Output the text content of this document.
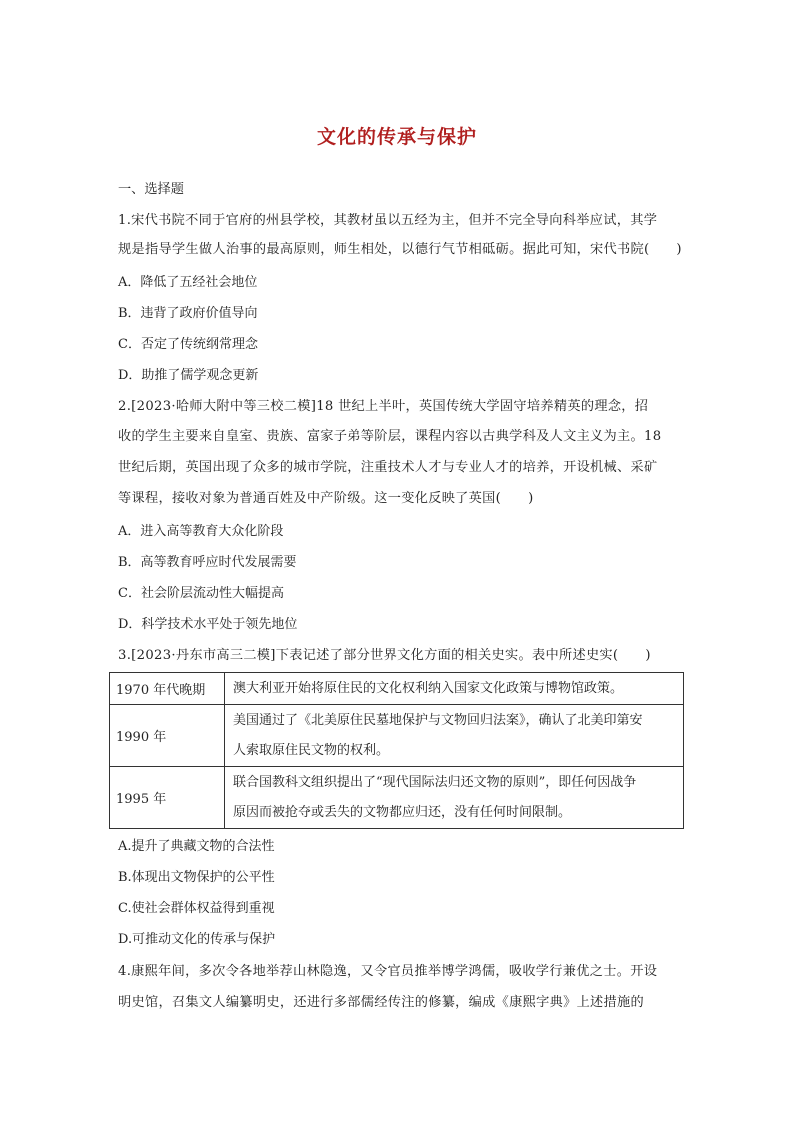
文化的传承与保护
一、选择题
1.宋代书院不同于官府的州县学校，其教材虽以五经为主，但并不完全导向科举应试，其学
规是指导学生做人治事的最高原则，师生相处，以德行气节相砥砺。据此可知，宋代书院(　　)
A．降低了五经社会地位
B．违背了政府价值导向
C．否定了传统纲常理念
D．助推了儒学观念更新
2.[2023·哈师大附中等三校二模]18 世纪上半叶，英国传统大学固守培养精英的理念，招
收的学生主要来自皇室、贵族、富家子弟等阶层，课程内容以古典学科及人文主义为主。18
世纪后期，英国出现了众多的城市学院，注重技术人才与专业人才的培养，开设机械、采矿
等课程，接收对象为普通百姓及中产阶级。这一变化反映了英国(　　)
A．进入高等教育大众化阶段
B．高等教育呼应时代发展需要
C．社会阶层流动性大幅提高
D．科学技术水平处于领先地位
3.[2023·丹东市高三二模]下表记述了部分世界文化方面的相关史实。表中所述史实(　　)
1970 年代晚期	澳大利亚开始将原住民的文化权利纳入国家文化政策与博物馆政策。

1990 年	美国通过了《北美原住民墓地保护与文物回归法案》，确认了北美印第安
人索取原住民文物的权利。

1995 年	联合国教科文组织提出了“现代国际法归还文物的原则”，即任何因战争
原因而被抢夺或丢失的文物都应归还，没有任何时间限制。
A.提升了典藏文物的合法性
B.体现出文物保护的公平性
C.使社会群体权益得到重视
D.可推动文化的传承与保护
4.康熙年间，多次令各地举荐山林隐逸，又令官员推举博学鸿儒，吸收学行兼优之士。开设
明史馆，召集文人编纂明史，还进行多部儒经传注的修纂，编成《康熙字典》上述措施的
